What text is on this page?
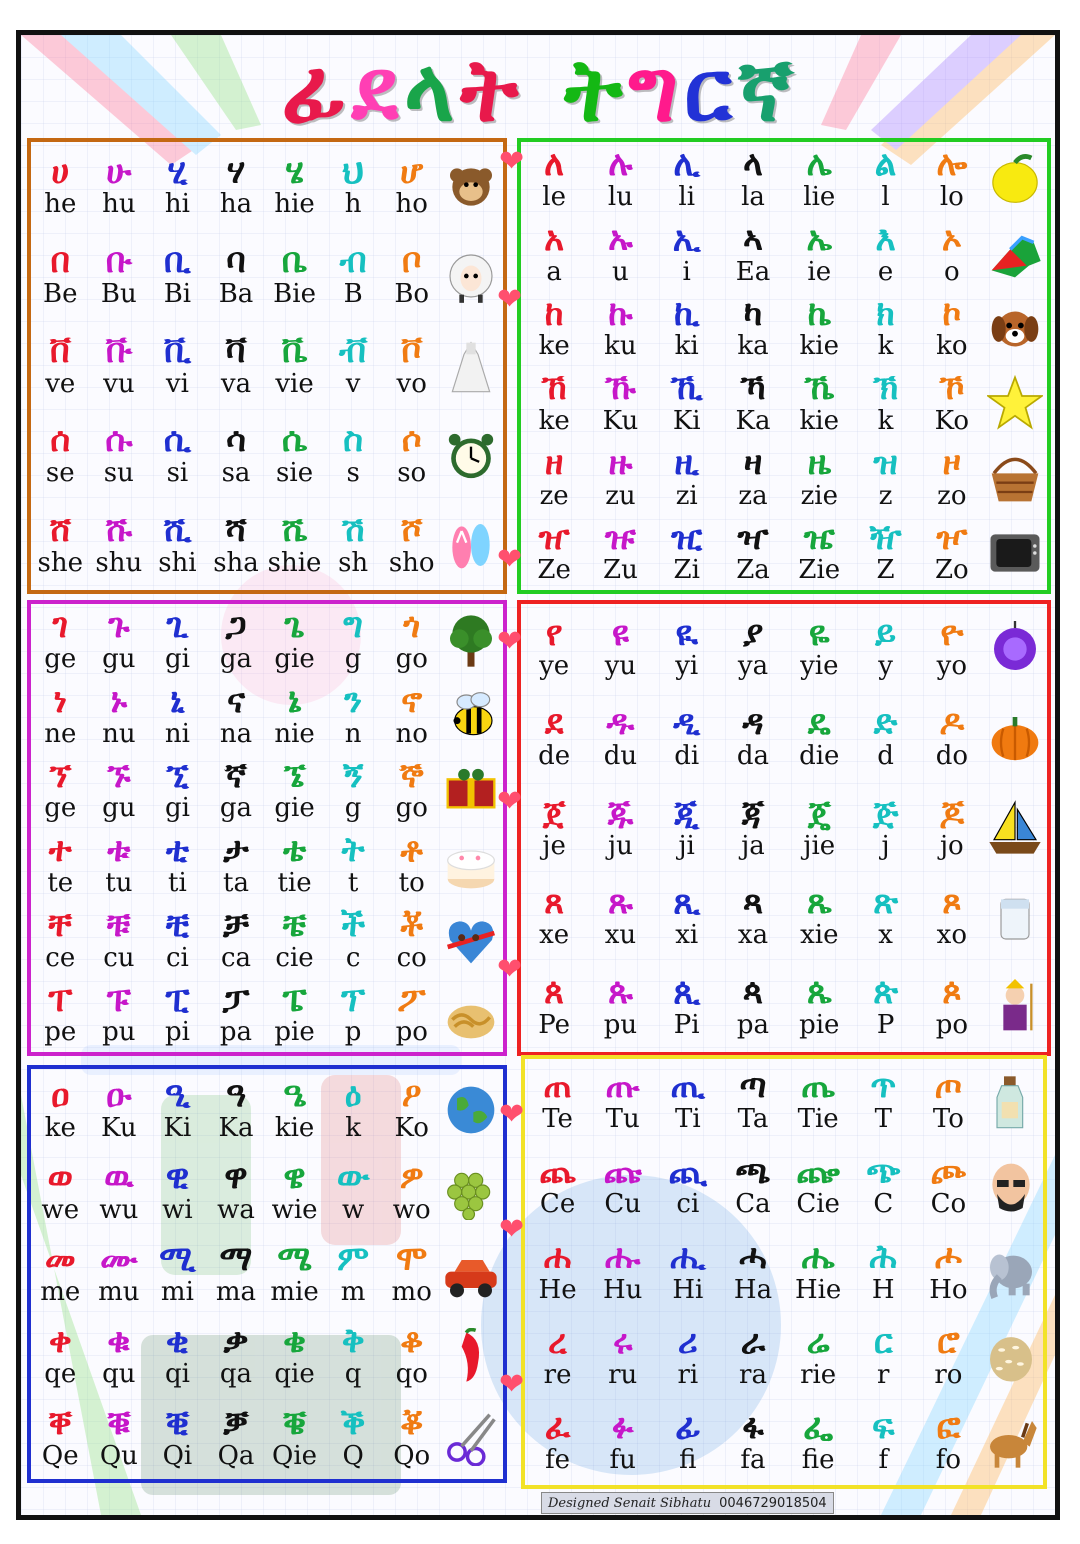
ፊ ደ ላ ት ት ግ ር ኛ
ሀ
he
ሁ
hu
ሂ
hi
ሃ
ha
ሄ
hie
ህ
h
ሆ
ho
በ
Be
ቡ
Bu
ቢ
Bi
ባ
Ba
ቤ
Bie
ብ
B
ቦ
Bo
ቨ
ve
ቩ
vu
ቪ
vi
ቫ
va
ቬ
vie
ቭ
v
ቮ
vo
ሰ
se
ሱ
su
ሲ
si
ሳ
sa
ሴ
sie
ስ
s
ሶ
so
ሸ
she
ሹ
shu
ሺ
shi
ሻ
sha
ሼ
shie
ሽ
sh
ሾ
sho
ለ
le
ሉ
lu
ሊ
li
ላ
la
ሌ
lie
ል
l
ሎ
lo
አ
a
ኡ
u
ኢ
i
ኣ
Ea
ኤ
ie
እ
e
ኦ
o
ከ
ke
ኩ
ku
ኪ
ki
ካ
ka
ኬ
kie
ክ
k
ኮ
ko
ኸ
ke
ኹ
Ku
ኺ
Ki
ኻ
Ka
ኼ
kie
ኽ
k
ኾ
Ko
ዘ
ze
ዙ
zu
ዚ
zi
ዛ
za
ዜ
zie
ዝ
z
ዞ
zo
ዠ
Ze
ዡ
Zu
ዢ
Zi
ዣ
Za
ዤ
Zie
ዥ
Z
ዦ
Zo
ገ
ge
ጉ
gu
ጊ
gi
ጋ
ga
ጌ
gie
ግ
g
ጎ
go
ነ
ne
ኑ
nu
ኒ
ni
ና
na
ኔ
nie
ን
n
ኖ
no
ኘ
ge
ኙ
gu
ኚ
gi
ኛ
ga
ኜ
gie
ኝ
g
ኞ
go
ተ
te
ቱ
tu
ቲ
ti
ታ
ta
ቴ
tie
ት
t
ቶ
to
ቸ
ce
ቹ
cu
ቺ
ci
ቻ
ca
ቼ
cie
ች
c
ቾ
co
ፐ
pe
ፑ
pu
ፒ
pi
ፓ
pa
ፔ
pie
ፕ
p
ፖ
po
የ
ye
ዩ
yu
ዪ
yi
ያ
ya
ዬ
yie
ይ
y
ዮ
yo
ደ
de
ዱ
du
ዲ
di
ዳ
da
ዴ
die
ድ
d
ዶ
do
ጀ
je
ጁ
ju
ጂ
ji
ጃ
ja
ጄ
jie
ጅ
j
ጆ
jo
ጸ
xe
ጹ
xu
ጺ
xi
ጻ
xa
ጼ
xie
ጽ
x
ጾ
xo
ጰ
Pe
ጱ
pu
ጲ
Pi
ጳ
pa
ጴ
pie
ጵ
P
ጶ
po
ዐ
ke
ዑ
Ku
ዒ
Ki
ዓ
Ka
ዔ
kie
ዕ
k
ዖ
Ko
ወ
we
ዉ
wu
ዊ
wi
ዋ
wa
ዌ
wie
ው
w
ዎ
wo
መ
me
ሙ
mu
ሚ
mi
ማ
ma
ሜ
mie
ም
m
ሞ
mo
ቀ
qe
ቁ
qu
ቂ
qi
ቃ
qa
ቄ
qie
ቅ
q
ቆ
qo
ቐ
Qe
ቑ
Qu
ቒ
Qi
ቓ
Qa
ቔ
Qie
ቕ
Q
ቖ
Qo
ጠ
Te
ጡ
Tu
ጢ
Ti
ጣ
Ta
ጤ
Tie
ጥ
T
ጦ
To
ጨ
Ce
ጩ
Cu
ጪ
ci
ጫ
Ca
ጬ
Cie
ጭ
C
ጮ
Co
ሐ
He
ሑ
Hu
ሒ
Hi
ሓ
Ha
ሔ
Hie
ሕ
H
ሖ
Ho
ረ
re
ሩ
ru
ሪ
ri
ራ
ra
ሬ
rie
ር
r
ሮ
ro
ፈ
fe
ፉ
fu
ፊ
fi
ፋ
fa
ፌ
fie
ፍ
f
ፎ
fo
❤
❤
❤
❤
❤
❤
❤
❤
❤
Designed Senait Sibhatu 0046729018504
